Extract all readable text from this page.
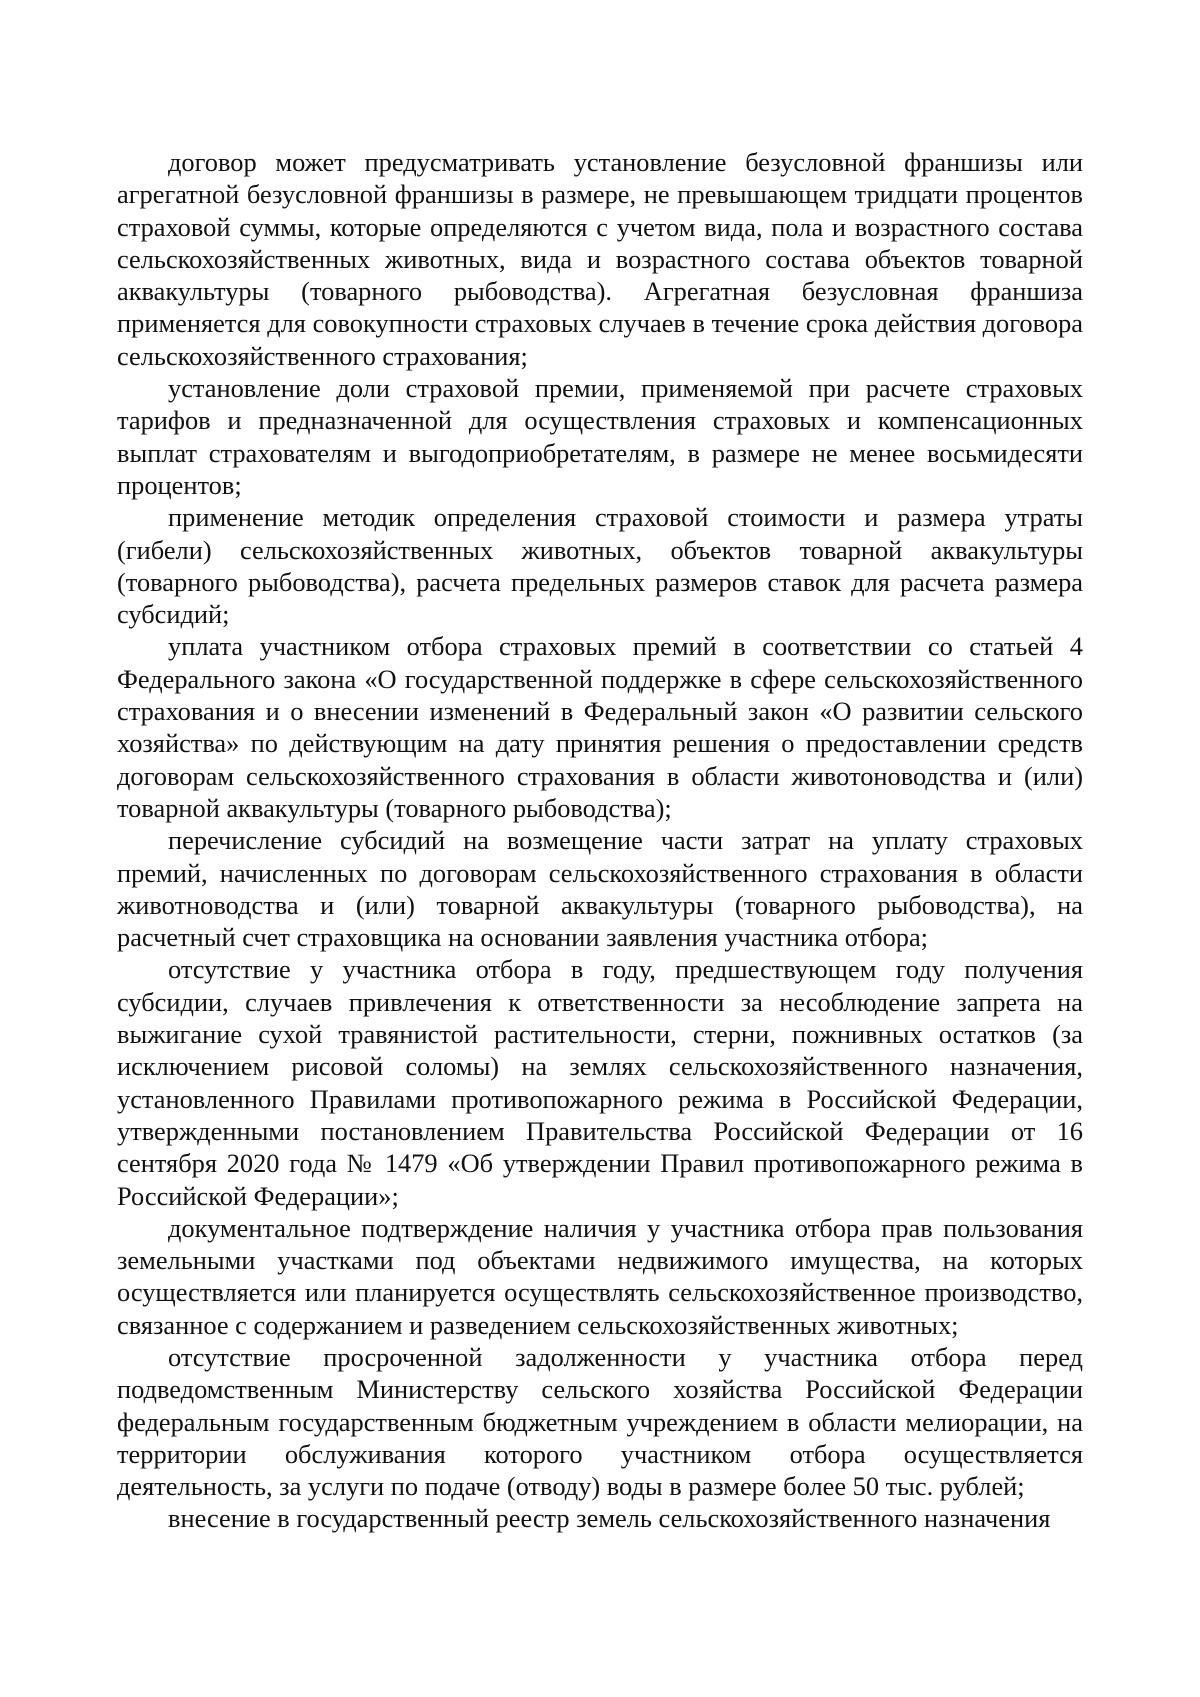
договор может предусматривать установление безусловной франшизы или агрегатной безусловной франшизы в размере, не превышающем тридцати процентов страховой суммы, которые определяются с учетом вида, пола и возрастного состава сельскохозяйственных животных, вида и возрастного состава объектов товарной аквакультуры (товарного рыбоводства). Агрегатная безусловная франшиза применяется для совокупности страховых случаев в течение срока действия договора сельскохозяйственного страхования;

установление доли страховой премии, применяемой при расчете страховых тарифов и предназначенной для осуществления страховых и компенсационных выплат страхователям и выгодоприобретателям, в размере не менее восьмидесяти процентов;

применение методик определения страховой стоимости и размера утраты (гибели) сельскохозяйственных животных, объектов товарной аквакультуры (товарного рыбоводства), расчета предельных размеров ставок для расчета размера субсидий;

уплата участником отбора страховых премий в соответствии со статьей 4 Федерального закона «О государственной поддержке в сфере сельскохозяйственного страхования и о внесении изменений в Федеральный закон «О развитии сельского хозяйства» по действующим на дату принятия решения о предоставлении средств договорам сельскохозяйственного страхования в области животоноводства и (или) товарной аквакультуры (товарного рыбоводства);

перечисление субсидий на возмещение части затрат на уплату страховых премий, начисленных по договорам сельскохозяйственного страхования в области животноводства и (или) товарной аквакультуры (товарного рыбоводства), на расчетный счет страховщика на основании заявления участника отбора;

отсутствие у участника отбора в году, предшествующем году получения субсидии, случаев привлечения к ответственности за несоблюдение запрета на выжигание сухой травянистой растительности, стерни, пожнивных остатков (за исключением рисовой соломы) на землях сельскохозяйственного назначения, установленного Правилами противопожарного режима в Российской Федерации, утвержденными постановлением Правительства Российской Федерации от 16 сентября 2020 года № 1479 «Об утверждении Правил противопожарного режима в Российской Федерации»;

документальное подтверждение наличия у участника отбора прав пользования земельными участками под объектами недвижимого имущества, на которых осуществляется или планируется осуществлять сельскохозяйственное производство, связанное с содержанием и разведением сельскохозяйственных животных;

отсутствие просроченной задолженности у участника отбора перед подведомственным Министерству сельского хозяйства Российской Федерации федеральным государственным бюджетным учреждением в области мелиорации, на территории обслуживания которого участником отбора осуществляется деятельность, за услуги по подаче (отводу) воды в размере более 50 тыс. рублей;

внесение в государственный реестр земель сельскохозяйственного назначения
